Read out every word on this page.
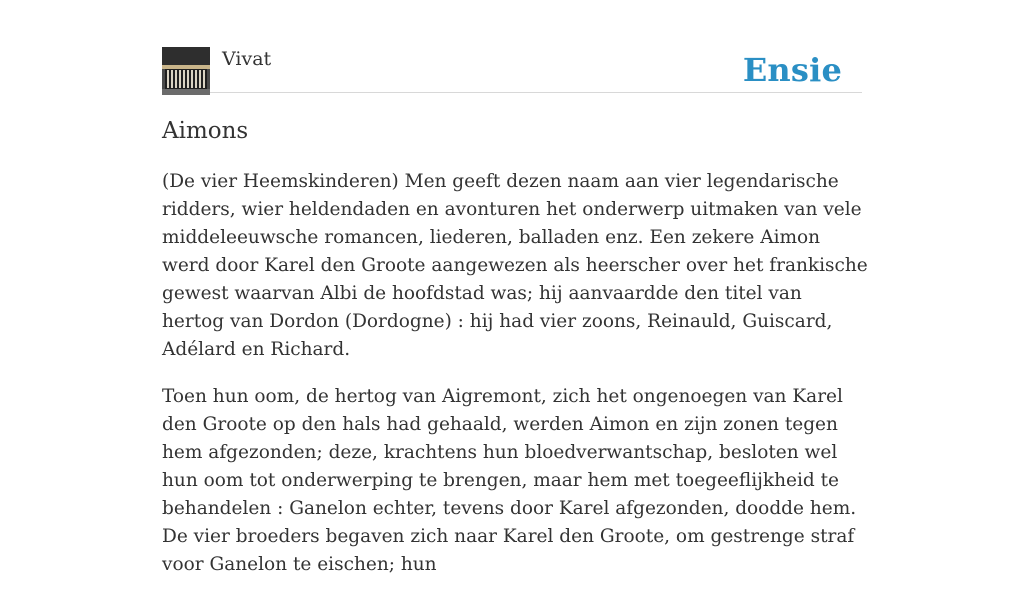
Vivat	Ensie
Aimons

(De vier Heemskinderen) Men geeft dezen naam aan vier legendarische ridders, wier heldendaden en avonturen het onderwerp uitmaken van vele middeleeuwsche romancen, liederen, balladen enz. Een zekere Aimon werd door Karel den Groote aangewezen als heerscher over het frankische gewest waarvan Albi de hoofdstad was; hij aanvaardde den titel van hertog van Dordon (Dordogne) : hij had vier zoons, Reinauld, Guiscard, Adélard en Richard.

Toen hun oom, de hertog van Aigremont, zich het ongenoegen van Karel den Groote op den hals had gehaald, werden Aimon en zijn zonen tegen hem afgezonden; deze, krachtens hun bloedverwantschap, besloten wel hun oom tot onderwerping te brengen, maar hem met toegeeflijkheid te behandelen : Ganelon echter, tevens door Karel afgezonden, doodde hem. De vier broeders begaven zich naar Karel den Groote, om gestrenge straf voor Ganelon te eischen; hun
